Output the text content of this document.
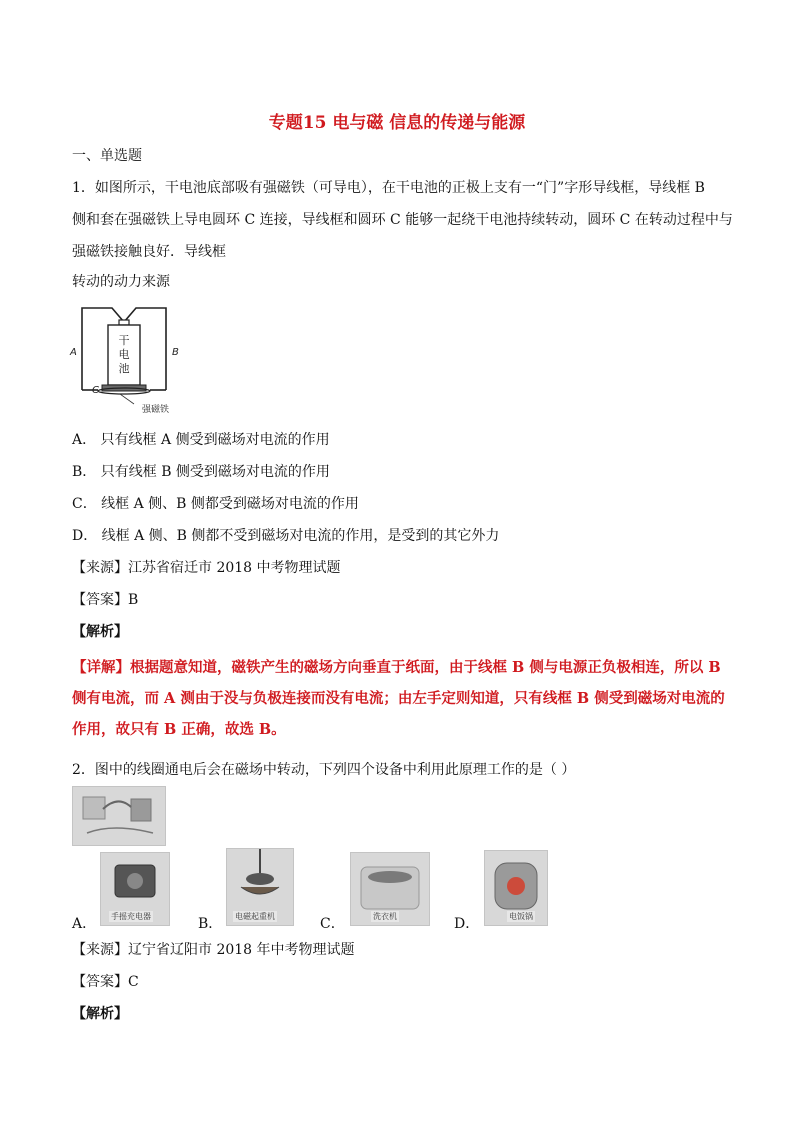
专题15 电与磁 信息的传递与能源
一、单选题
1．如图所示，干电池底部吸有强磁铁（可导电），在干电池的正极上支有一“门”字形导线框，导线框 B
侧和套在强磁铁上导电圆环 C 连接，导线框和圆环 C 能够一起绕干电池持续转动，圆环 C 在转动过程中与
强磁铁接触良好．导线框
转动的动力来源
干
电
池
A	B
C
强磁铁
A． 只有线框 A 侧受到磁场对电流的作用
B． 只有线框 B 侧受到磁场对电流的作用
C． 线框 A 侧、B 侧都受到磁场对电流的作用
D． 线框 A 侧、B 侧都不受到磁场对电流的作用，是受到的其它外力
【来源】江苏省宿迁市 2018 中考物理试题
【答案】B
【解析】
【详解】根据题意知道，磁铁产生的磁场方向垂直于纸面，由于线框 B 侧与电源正负极相连，所以 B 侧有电流，而 A 测由于没与负极连接而没有电流；由左手定则知道，只有线框 B 侧受到磁场对电流的作用，故只有 B 正确，故选 B。
2．图中的线圈通电后会在磁场中转动，下列四个设备中利用此原理工作的是（ ）
A． 手摇充电器	B． 电磁起重机	C．	洗衣机	D．	电饭锅
【来源】辽宁省辽阳市 2018 年中考物理试题
【答案】C
【解析】
